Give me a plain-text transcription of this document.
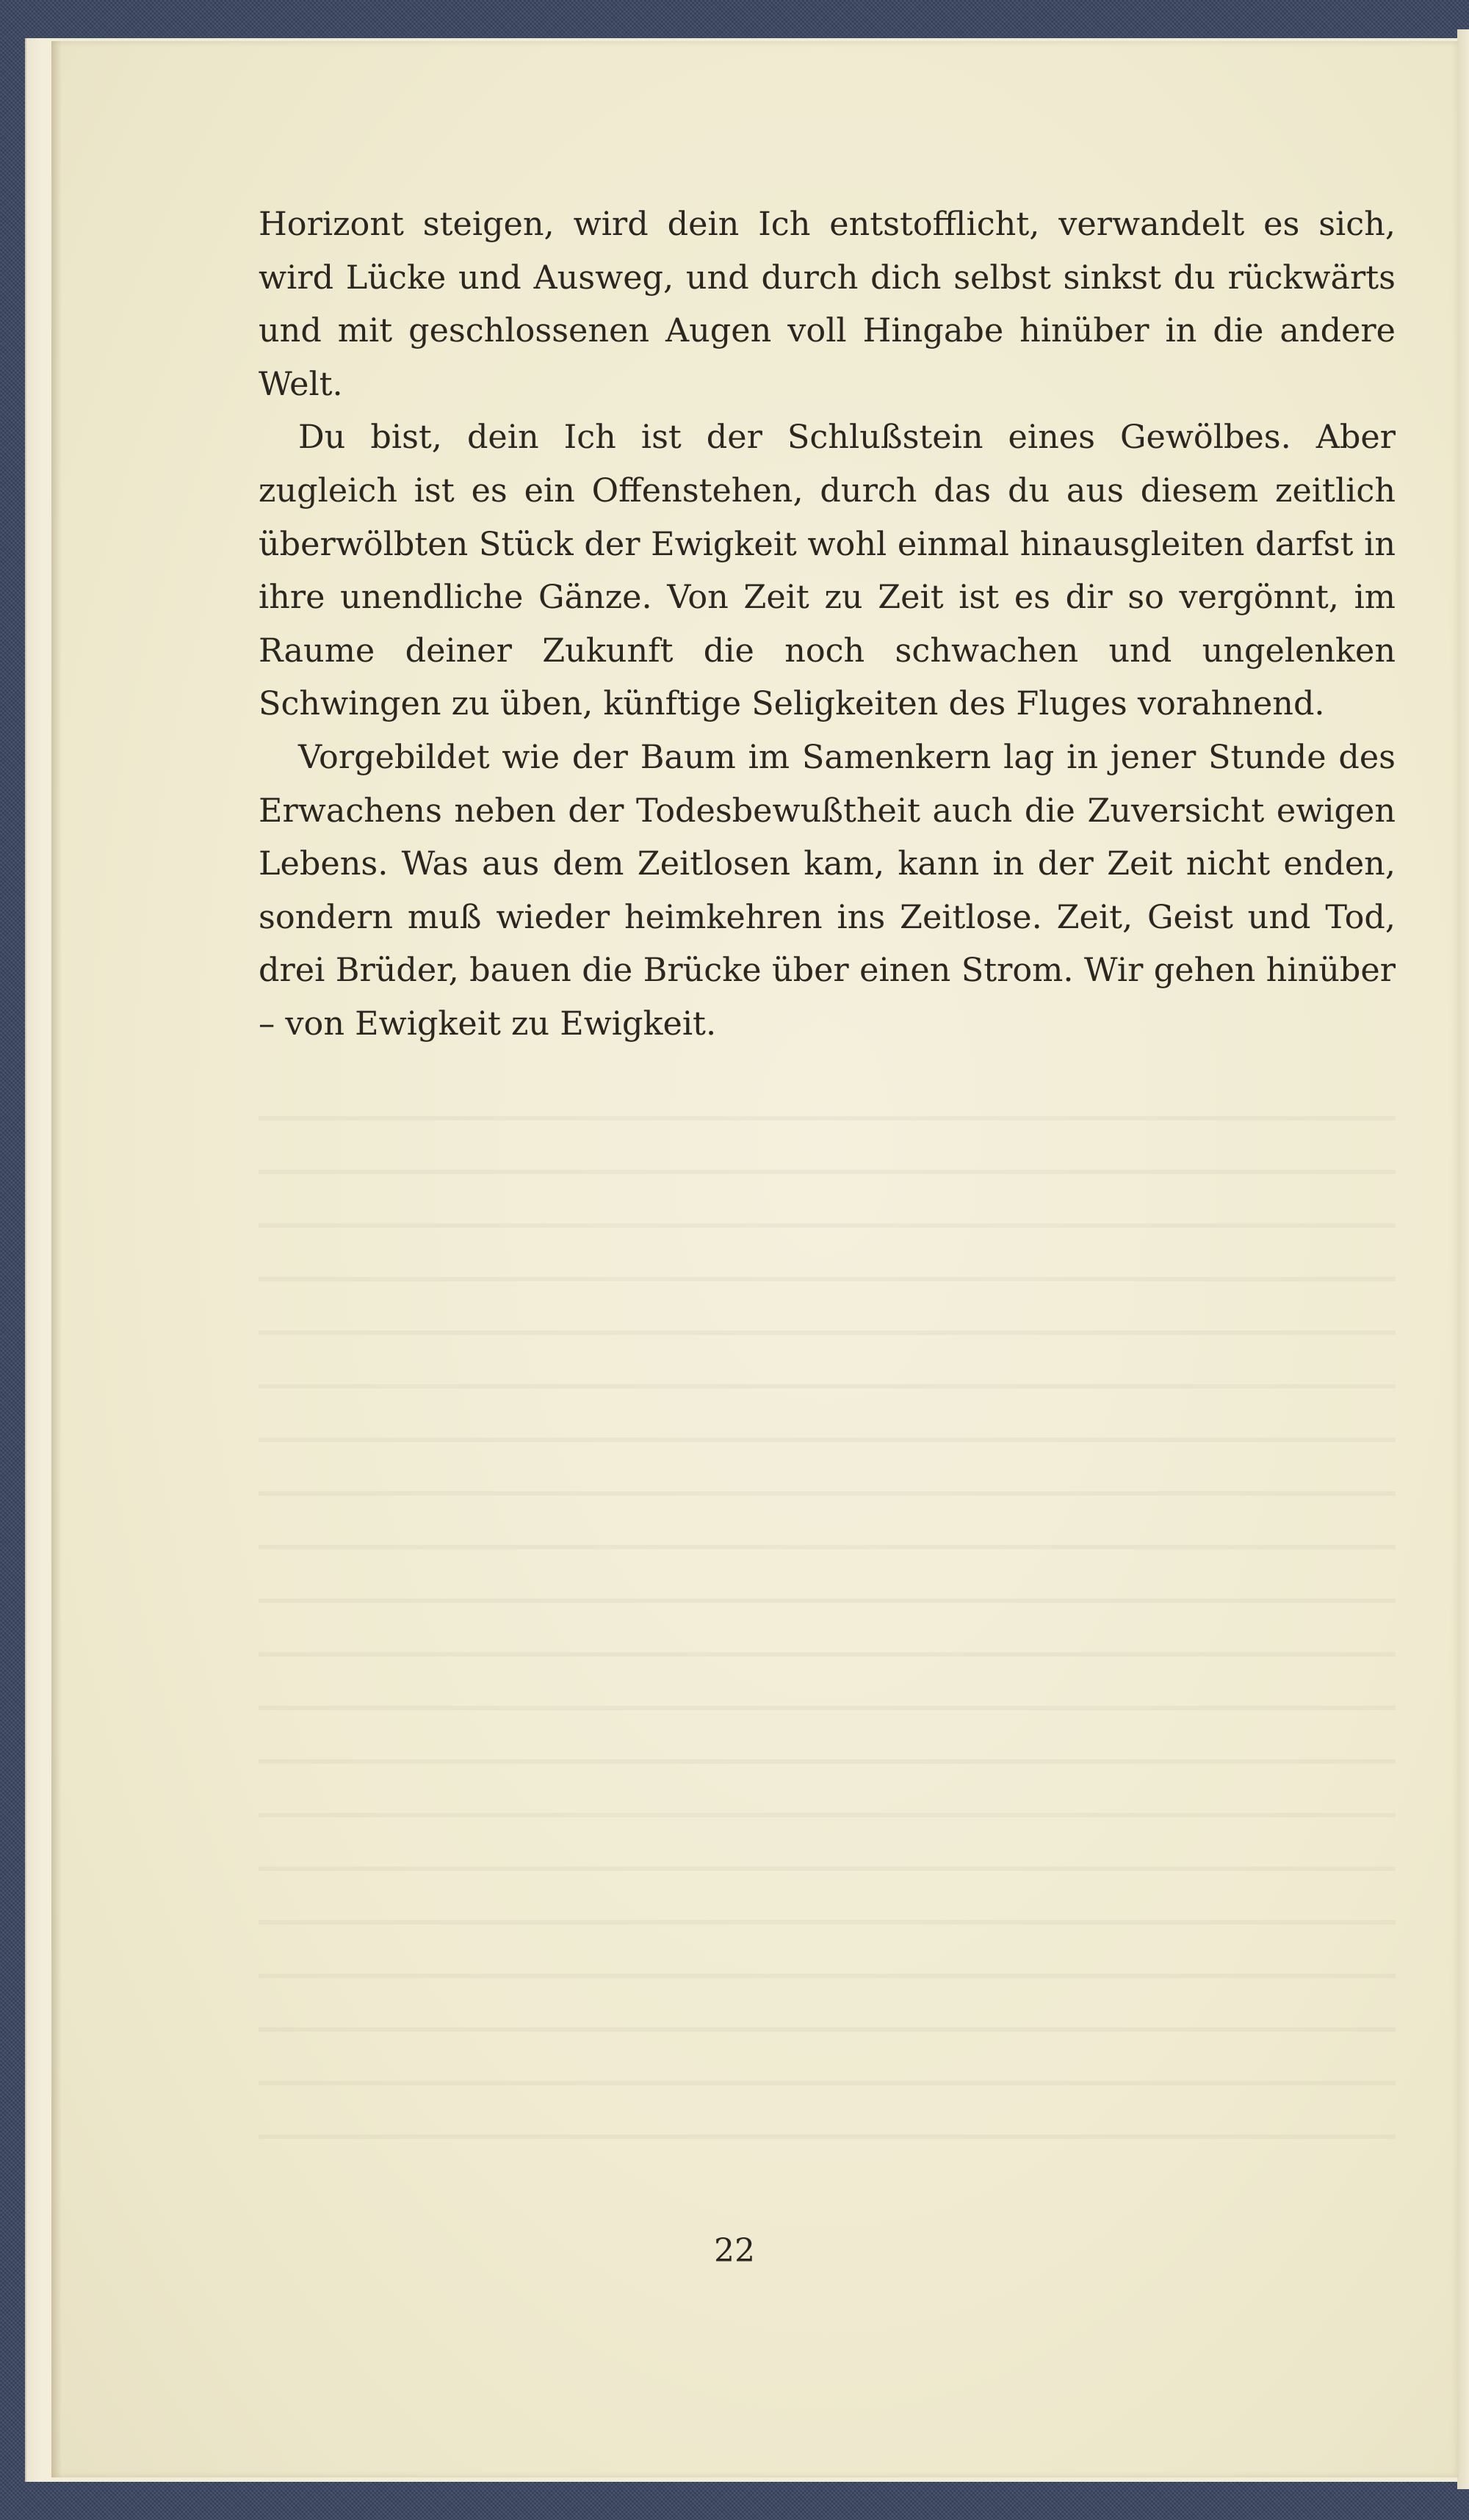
Horizont steigen, wird dein Ich entstofflicht, verwandelt es sich, wird Lücke und Ausweg, und durch dich selbst sinkst du rückwärts und mit geschlossenen Augen voll Hingabe hinüber in die andere Welt.

Du bist, dein Ich ist der Schlußstein eines Gewölbes. Aber zugleich ist es ein Offenstehen, durch das du aus diesem zeitlich überwölbten Stück der Ewigkeit wohl einmal hinausgleiten darfst in ihre unendliche Gänze. Von Zeit zu Zeit ist es dir so vergönnt, im Raume deiner Zukunft die noch schwachen und ungelenken Schwingen zu üben, künftige Seligkeiten des Fluges vorahnend.

Vorgebildet wie der Baum im Samenkern lag in jener Stunde des Erwachens neben der Todesbewußtheit auch die Zuversicht ewigen Lebens. Was aus dem Zeitlosen kam, kann in der Zeit nicht enden, sondern muß wieder heimkehren ins Zeitlose. Zeit, Geist und Tod, drei Brüder, bauen die Brücke über einen Strom. Wir gehen hinüber – von Ewigkeit zu Ewigkeit.

22
